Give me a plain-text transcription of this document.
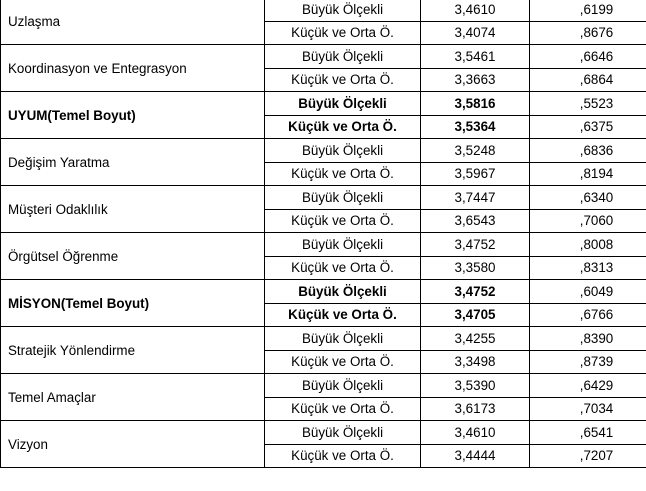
Uzlaşma	Büyük Ölçekli	3,4610	,6199
	Küçük ve Orta Ö.	3,4074	,8676
Koordinasyon ve Entegrasyon	Büyük Ölçekli	3,5461	,6646
	Küçük ve Orta Ö.	3,3663	,6864
UYUM(Temel Boyut)	Büyük Ölçekli	3,5816	,5523
	Küçük ve Orta Ö.	3,5364	,6375
Değişim Yaratma	Büyük Ölçekli	3,5248	,6836
	Küçük ve Orta Ö.	3,5967	,8194
Müşteri Odaklılık	Büyük Ölçekli	3,7447	,6340
	Küçük ve Orta Ö.	3,6543	,7060
Örgütsel Öğrenme	Büyük Ölçekli	3,4752	,8008
	Küçük ve Orta Ö.	3,3580	,8313
MİSYON(Temel Boyut)	Büyük Ölçekli	3,4752	,6049
	Küçük ve Orta Ö.	3,4705	,6766
Stratejik Yönlendirme	Büyük Ölçekli	3,4255	,8390
	Küçük ve Orta Ö.	3,3498	,8739
Temel Amaçlar	Büyük Ölçekli	3,5390	,6429
	Küçük ve Orta Ö.	3,6173	,7034
Vizyon	Büyük Ölçekli	3,4610	,6541
	Küçük ve Orta Ö.	3,4444	,7207
